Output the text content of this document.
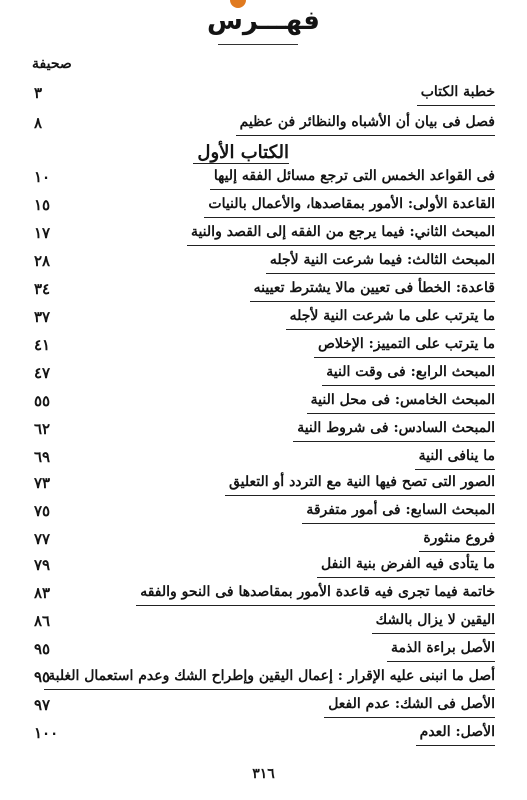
فهـــرس
صحيفة
خطبة الكتاب
٣
فصل فى بيان أن الأشباه والنظائر فن عظيم
٨
الكتاب الأول
فى القواعد الخمس التى ترجع مسائل الفقه إليها
١٠
القاعدة الأولى: الأمور بمقاصدها، والأعمال بالنيات
١٥
المبحث الثاني: فيما يرجع من الفقه إلى القصد والنية
١٧
المبحث الثالث: فيما شرعت النية لأجله
٢٨
قاعدة: الخطأ فى تعيين مالا يشترط تعيينه
٣٤
ما يترتب على ما شرعت النية لأجله
٣٧
ما يترتب على التمييز: الإخلاص
٤١
المبحث الرابع: فى وقت النية
٤٧
المبحث الخامس: فى محل النية
٥٥
المبحث السادس: فى شروط النية
٦٢
ما ينافى النية
٦٩
الصور التى تصح فيها النية مع التردد أو التعليق
٧٣
المبحث السابع: فى أمور متفرقة
٧٥
فروع منثورة
٧٧
ما يتأدى فيه الفرض بنية النفل
٧٩
خاتمة فيما تجرى فيه قاعدة الأمور بمقاصدها فى النحو والفقه
٨٣
اليقين لا يزال بالشك
٨٦
الأصل براءة الذمة
٩٥
أصل ما انبنى عليه الإقرار : إعمال اليقين وإطراح الشك وعدم استعمال الغلبة
٩٥
الأصل فى الشك: عدم الفعل
٩٧
الأصل: العدم
١٠٠
٣١٦
